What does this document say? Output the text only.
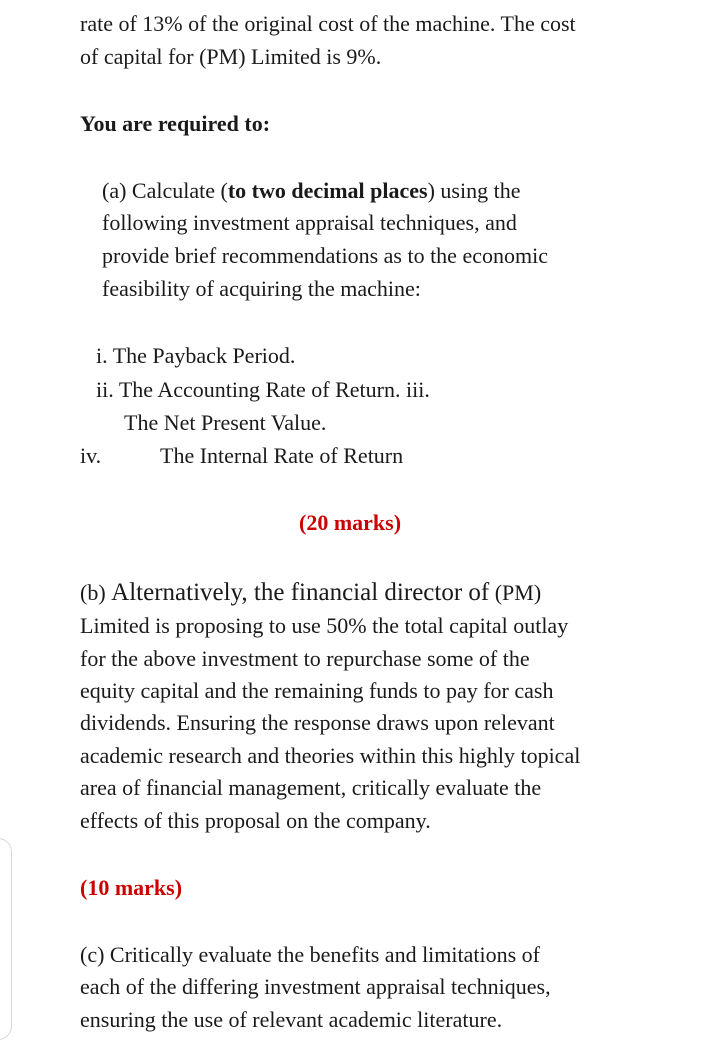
rate of 13% of the original cost of the machine. The cost
of capital for (PM) Limited is 9%.
You are required to:
(a) Calculate (to two decimal places) using the
following investment appraisal techniques, and
provide brief recommendations as to the economic
feasibility of acquiring the machine:
i. The Payback Period.
ii. The Accounting Rate of Return. iii.
The Net Present Value.
iv.	The Internal Rate of Return
(20 marks)
(b) Alternatively, the financial director of (PM)
Limited is proposing to use 50% the total capital outlay
for the above investment to repurchase some of the
equity capital and the remaining funds to pay for cash
dividends. Ensuring the response draws upon relevant
academic research and theories within this highly topical
area of financial management, critically evaluate the
effects of this proposal on the company.
(10 marks)
(c) Critically evaluate the benefits and limitations of
each of the differing investment appraisal techniques,
ensuring the use of relevant academic literature.
